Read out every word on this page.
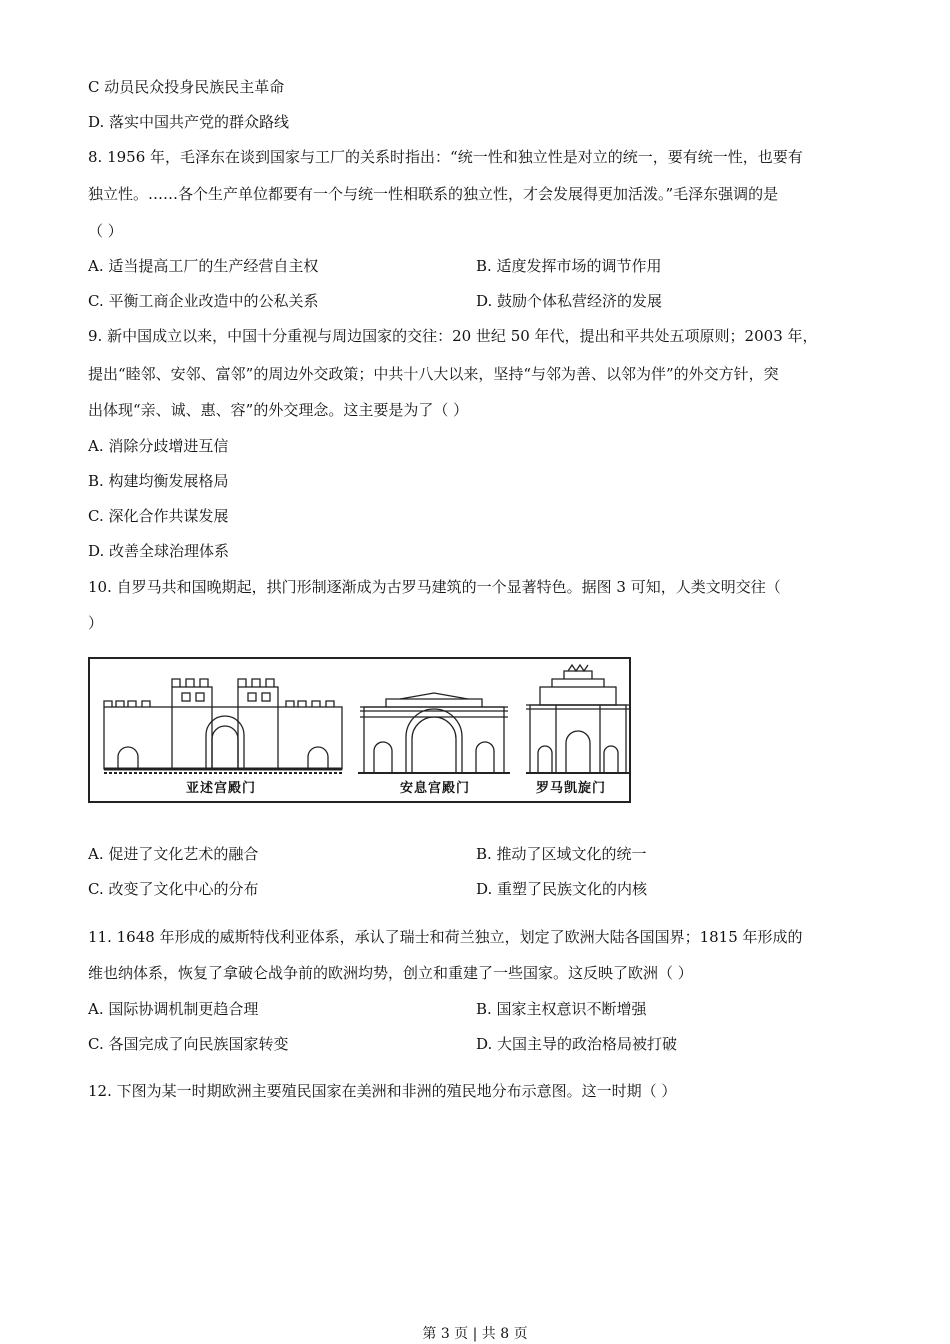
C 动员民众投身民族民主革命
D. 落实中国共产党的群众路线
8. 1956 年，毛泽东在谈到国家与工厂的关系时指出：“统一性和独立性是对立的统一，要有统一性，也要有
独立性。……各个生产单位都要有一个与统一性相联系的独立性，才会发展得更加活泼。”毛泽东强调的是
（ ）
A. 适当提高工厂的生产经营自主权	B. 适度发挥市场的调节作用
C. 平衡工商企业改造中的公私关系	D. 鼓励个体私营经济的发展
9. 新中国成立以来，中国十分重视与周边国家的交往：20 世纪 50 年代，提出和平共处五项原则；2003 年，
提出“睦邻、安邻、富邻”的周边外交政策；中共十八大以来，坚持“与邻为善、以邻为伴”的外交方针，突
出体现“亲、诚、惠、容”的外交理念。这主要是为了（ ）
A. 消除分歧增进互信
B. 构建均衡发展格局
C. 深化合作共谋发展
D. 改善全球治理体系
10. 自罗马共和国晚期起，拱门形制逐渐成为古罗马建筑的一个显著特色。据图 3 可知，人类文明交往（
）
亚述宫殿门	安息宫殿门	罗马凯旋门
A. 促进了文化艺术的融合	B. 推动了区域文化的统一
C. 改变了文化中心的分布	D. 重塑了民族文化的内核
11. 1648 年形成的威斯特伐利亚体系，承认了瑞士和荷兰独立，划定了欧洲大陆各国国界；1815 年形成的
维也纳体系，恢复了拿破仑战争前的欧洲均势，创立和重建了一些国家。这反映了欧洲（ ）
A. 国际协调机制更趋合理	B. 国家主权意识不断增强
C. 各国完成了向民族国家转变	D. 大国主导的政治格局被打破
12. 下图为某一时期欧洲主要殖民国家在美洲和非洲的殖民地分布示意图。这一时期（ ）
第 3 页 | 共 8 页
